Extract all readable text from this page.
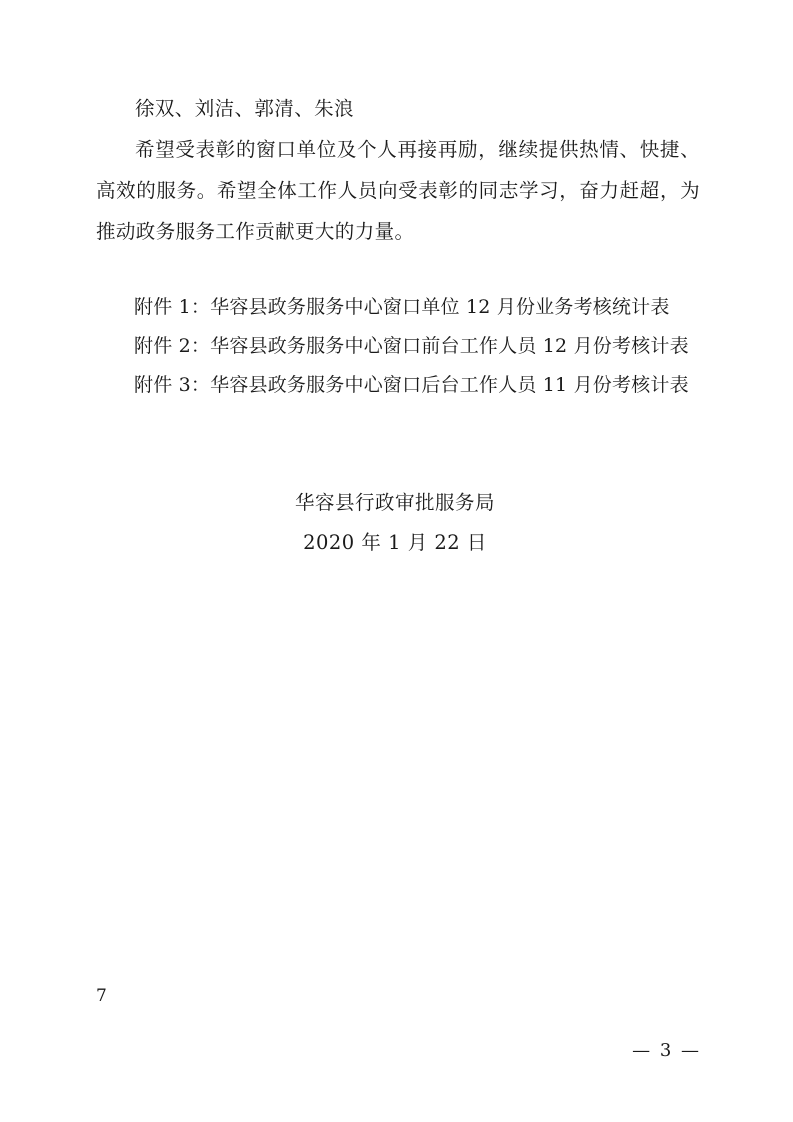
徐双、刘洁、郭清、朱浪

希望受表彰的窗口单位及个人再接再励，继续提供热情、快捷、高效的服务。希望全体工作人员向受表彰的同志学习，奋力赶超，为推动政务服务工作贡献更大的力量。

附件 1：华容县政务服务中心窗口单位 12 月份业务考核统计表

附件 2：华容县政务服务中心窗口前台工作人员 12 月份考核计表

附件 3：华容县政务服务中心窗口后台工作人员 11 月份考核计表

华容县行政审批服务局
2020 年 1 月 22 日
7
— 3 —
